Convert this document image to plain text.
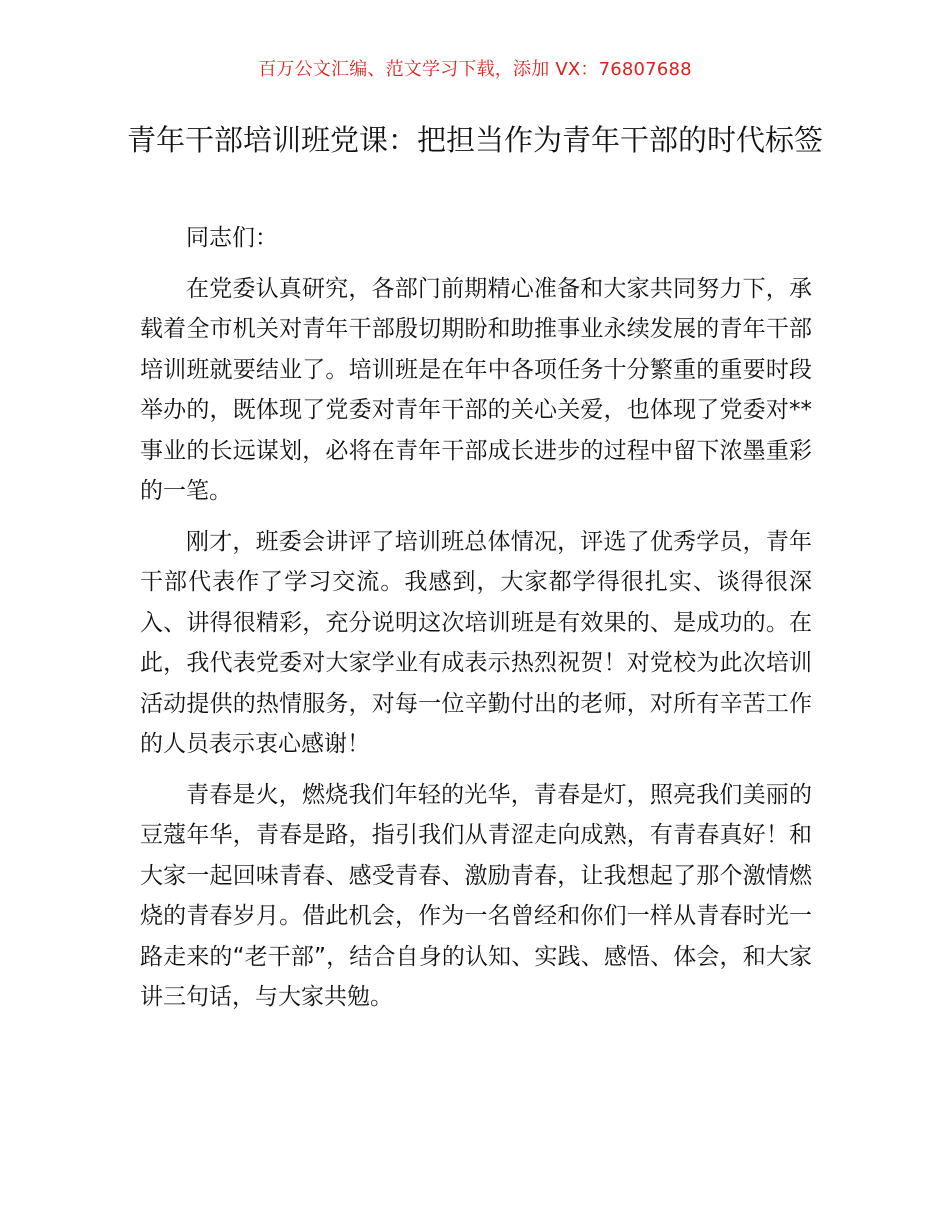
百万公文汇编、范文学习下载，添加 VX：76807688
青年干部培训班党课：把担当作为青年干部的时代标签

同志们：

在党委认真研究，各部门前期精心准备和大家共同努力下，承载着全市机关对青年干部殷切期盼和助推事业永续发展的青年干部培训班就要结业了。培训班是在年中各项任务十分繁重的重要时段举办的，既体现了党委对青年干部的关心关爱，也体现了党委对**事业的长远谋划，必将在青年干部成长进步的过程中留下浓墨重彩的一笔。

刚才，班委会讲评了培训班总体情况，评选了优秀学员，青年干部代表作了学习交流。我感到，大家都学得很扎实、谈得很深入、讲得很精彩，充分说明这次培训班是有效果的、是成功的。在此，我代表党委对大家学业有成表示热烈祝贺！对党校为此次培训活动提供的热情服务，对每一位辛勤付出的老师，对所有辛苦工作的人员表示衷心感谢！

青春是火，燃烧我们年轻的光华，青春是灯，照亮我们美丽的豆蔻年华，青春是路，指引我们从青涩走向成熟，有青春真好！和大家一起回味青春、感受青春、激励青春，让我想起了那个激情燃烧的青春岁月。借此机会，作为一名曾经和你们一样从青春时光一路走来的“老干部”，结合自身的认知、实践、感悟、体会，和大家讲三句话，与大家共勉。
